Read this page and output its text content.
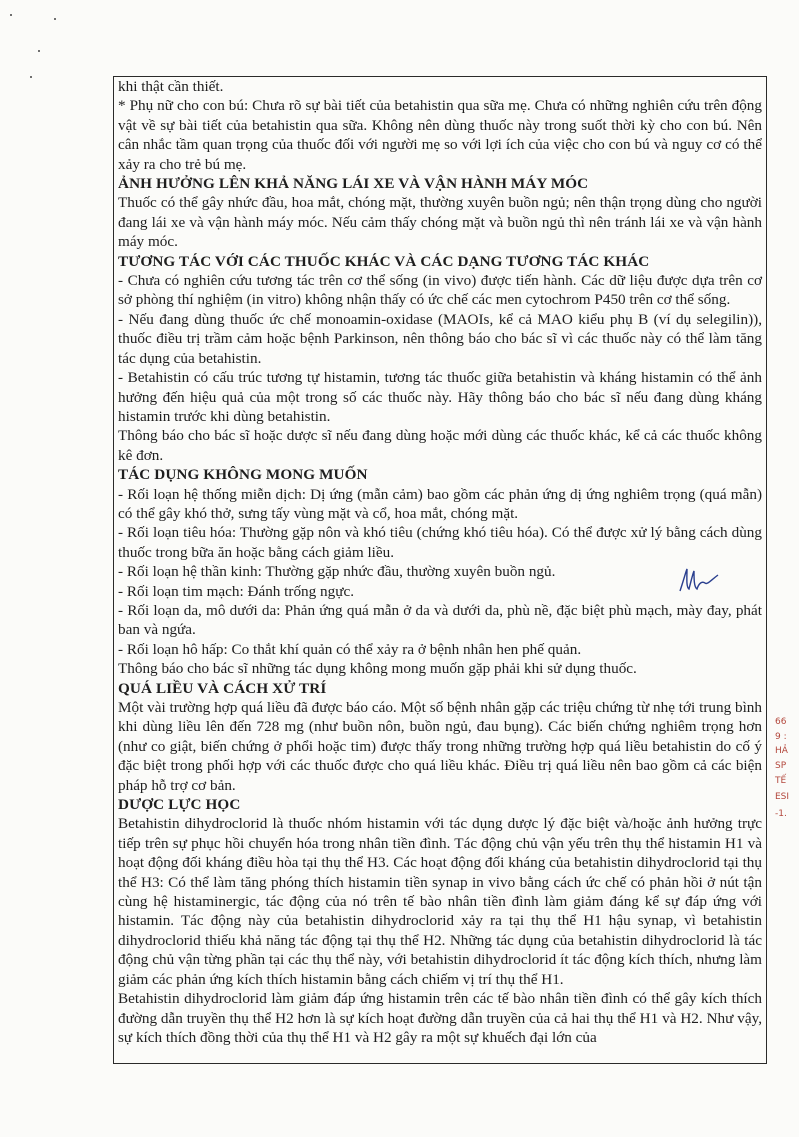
khi thật cần thiết.

* Phụ nữ cho con bú: Chưa rõ sự bài tiết của betahistin qua sữa mẹ. Chưa có những nghiên cứu trên động vật về sự bài tiết của betahistin qua sữa. Không nên dùng thuốc này trong suốt thời kỳ cho con bú. Nên cân nhắc tầm quan trọng của thuốc đối với người mẹ so với lợi ích của việc cho con bú và nguy cơ có thể xảy ra cho trẻ bú mẹ.

ẢNH HƯỞNG LÊN KHẢ NĂNG LÁI XE VÀ VẬN HÀNH MÁY MÓC

Thuốc có thể gây nhức đầu, hoa mắt, chóng mặt, thường xuyên buồn ngủ; nên thận trọng dùng cho người đang lái xe và vận hành máy móc. Nếu cảm thấy chóng mặt và buồn ngủ thì nên tránh lái xe và vận hành máy móc.

TƯƠNG TÁC VỚI CÁC THUỐC KHÁC VÀ CÁC DẠNG TƯƠNG TÁC KHÁC

- Chưa có nghiên cứu tương tác trên cơ thể sống (in vivo) được tiến hành. Các dữ liệu được dựa trên cơ sở phòng thí nghiệm (in vitro) không nhận thấy có ức chế các men cytochrom P450 trên cơ thể sống.

- Nếu đang dùng thuốc ức chế monoamin-oxidase (MAOIs, kể cả MAO kiểu phụ B (ví dụ selegilin)), thuốc điều trị trầm cảm hoặc bệnh Parkinson, nên thông báo cho bác sĩ vì các thuốc này có thể làm tăng tác dụng của betahistin.

- Betahistin có cấu trúc tương tự histamin, tương tác thuốc giữa betahistin và kháng histamin có thể ảnh hưởng đến hiệu quả của một trong số các thuốc này. Hãy thông báo cho bác sĩ nếu đang dùng kháng histamin trước khi dùng betahistin.

Thông báo cho bác sĩ hoặc dược sĩ nếu đang dùng hoặc mới dùng các thuốc khác, kể cả các thuốc không kê đơn.

TÁC DỤNG KHÔNG MONG MUỐN

- Rối loạn hệ thống miễn dịch: Dị ứng (mẫn cảm) bao gồm các phản ứng dị ứng nghiêm trọng (quá mẫn) có thể gây khó thở, sưng tấy vùng mặt và cổ, hoa mắt, chóng mặt.

- Rối loạn tiêu hóa: Thường gặp nôn và khó tiêu (chứng khó tiêu hóa). Có thể được xử lý bằng cách dùng thuốc trong bữa ăn hoặc bằng cách giảm liều.

- Rối loạn hệ thần kinh: Thường gặp nhức đầu, thường xuyên buồn ngủ.

- Rối loạn tim mạch: Đánh trống ngực.

- Rối loạn da, mô dưới da: Phản ứng quá mẫn ở da và dưới da, phù nề, đặc biệt phù mạch, mày đay, phát ban và ngứa.

- Rối loạn hô hấp: Co thắt khí quản có thể xảy ra ở bệnh nhân hen phế quản.

Thông báo cho bác sĩ những tác dụng không mong muốn gặp phải khi sử dụng thuốc.

QUÁ LIỀU VÀ CÁCH XỬ TRÍ

Một vài trường hợp quá liều đã được báo cáo. Một số bệnh nhân gặp các triệu chứng từ nhẹ tới trung bình khi dùng liều lên đến 728 mg (như buồn nôn, buồn ngủ, đau bụng). Các biến chứng nghiêm trọng hơn (như co giật, biến chứng ở phổi hoặc tim) được thấy trong những trường hợp quá liều betahistin do cố ý đặc biệt trong phối hợp với các thuốc được cho quá liều khác. Điều trị quá liều nên bao gồm cả các biện pháp hỗ trợ cơ bản.

DƯỢC LỰC HỌC

Betahistin dihydroclorid là thuốc nhóm histamin với tác dụng dược lý đặc biệt và/hoặc ảnh hưởng trực tiếp trên sự phục hồi chuyển hóa trong nhân tiền đình. Tác động chủ vận yếu trên thụ thể histamin H1 và hoạt động đối kháng điều hòa tại thụ thể H3. Các hoạt động đối kháng của betahistin dihydroclorid tại thụ thể H3: Có thể làm tăng phóng thích histamin tiền synap in vivo bằng cách ức chế có phản hồi ở nút tận cùng hệ histaminergic, tác động của nó trên tế bào nhân tiền đình làm giảm đáng kể sự đáp ứng với histamin. Tác động này của betahistin dihydroclorid xảy ra tại thụ thể H1 hậu synap, vì betahistin dihydroclorid thiếu khả năng tác động tại thụ thể H2. Những tác dụng của betahistin dihydroclorid là tác động chủ vận từng phần tại các thụ thể này, với betahistin dihydroclorid ít tác động kích thích, nhưng làm giảm các phản ứng kích thích histamin bằng cách chiếm vị trí thụ thể H1.

Betahistin dihydroclorid làm giảm đáp ứng histamin trên các tế bào nhân tiền đình có thể gây kích thích đường dẫn truyền thụ thể H2 hơn là sự kích hoạt đường dẫn truyền của cả hai thụ thể H1 và H2. Như vậy, sự kích thích đồng thời của thụ thể H1 và H2 gây ra một sự khuếch đại lớn của

66
9 :
HẢ
SP
TẾ
ESI
-1.
